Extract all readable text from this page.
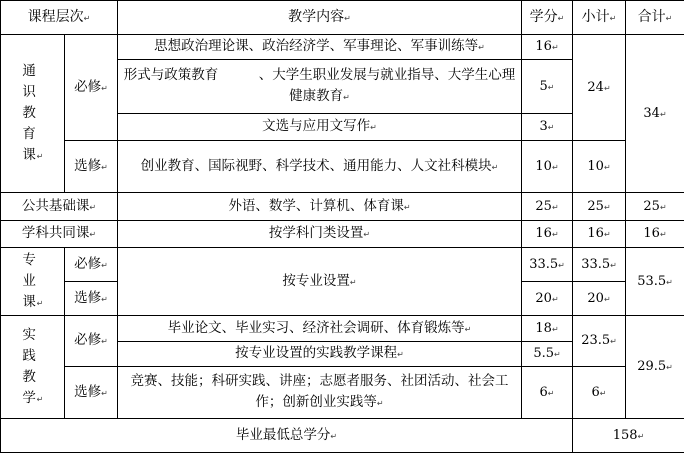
课程层次↵		教学内容↵	学分↵	小计↵	合计↵
通识教育课↵	必修↵	思想政治理论课、政治经济学、军事理论、军事训练等↵	16↵	24↵	34↵
		形式与政策教育　　　、大学生职业发展与就业指导、大学生心理健康教育↵	5↵		
		文选与应用文写作↵	3↵		
	选修↵	创业教育、国际视野、科学技术、通用能力、人文社科模块↵	10↵	10↵	
公共基础课↵		外语、数学、计算机、体育课↵	25↵	25↵	25↵
学科共同课↵		按学科门类设置↵	16↵	16↵	16↵
专业课↵	必修↵	按专业设置↵	33.5↵	33.5↵	53.5↵
	选修↵		20↵	20↵	
实践教学↵	必修↵	毕业论文、毕业实习、经济社会调研、体育锻炼等↵	18↵	23.5↵	29.5↵
		按专业设置的实践教学课程↵	5.5↵		
	选修↵	竞赛、技能；科研实践、讲座；志愿者服务、社团活动、社会工作；创新创业实践等↵	6↵	6↵	
毕业最低总学分↵				158↵	
